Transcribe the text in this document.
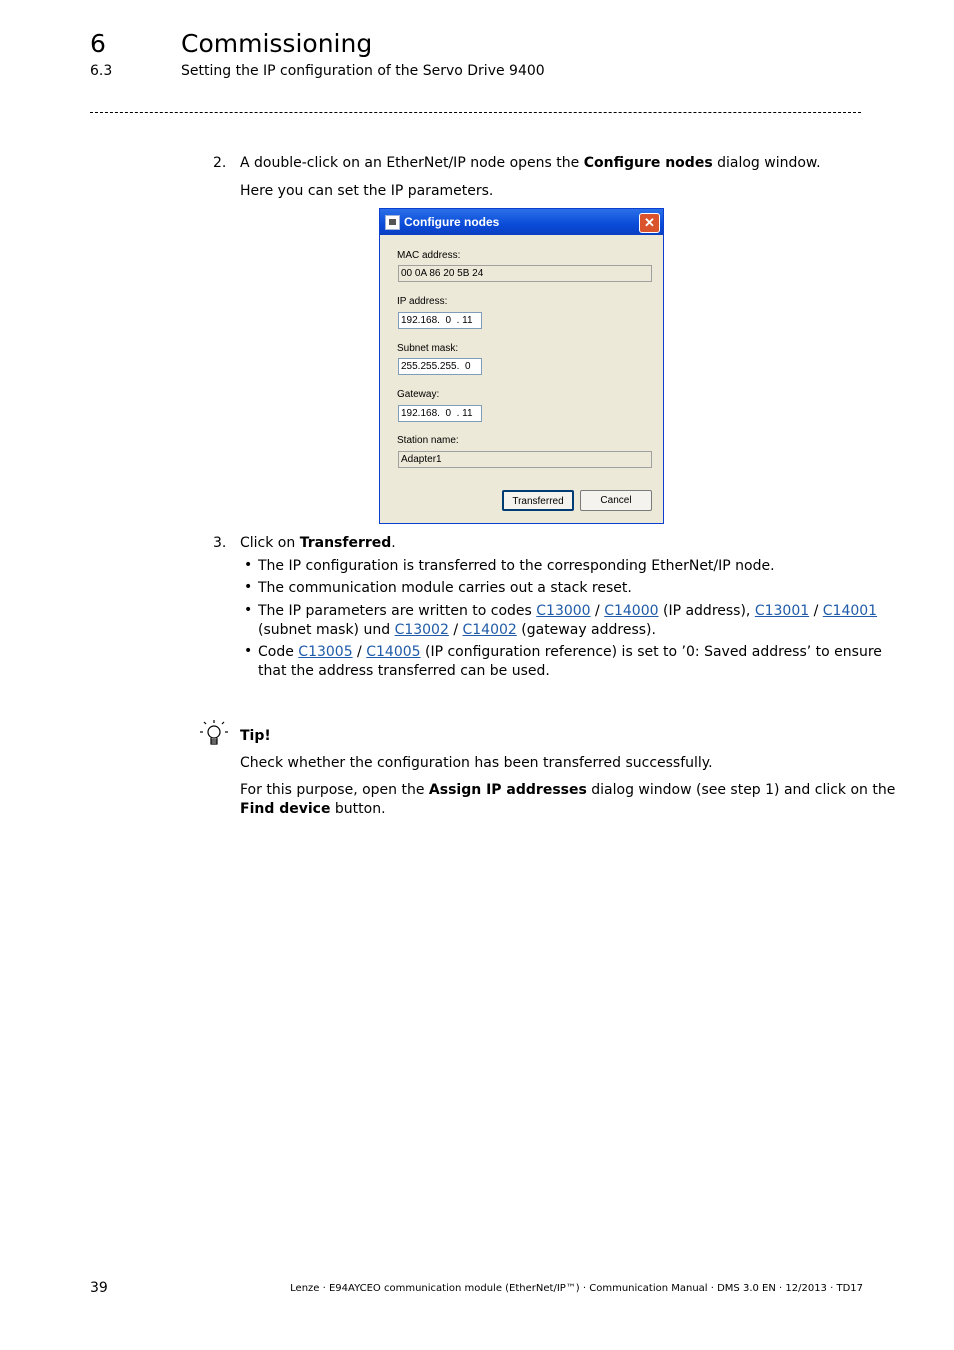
6	Commissioning
6.3	Setting the IP configuration of the Servo Drive 9400
2. A double-click on an EtherNet/IP node opens the Configure nodes dialog window.
Here you can set the IP parameters.
Configure nodes	✕
MAC address:
00 0A 86 20 5B 24
IP address:
192.168.  0  . 11
Subnet mask:
255.255.255.  0
Gateway:
192.168.  0  . 11
Station name:
Adapter1
Transferred	Cancel
3. Click on Transferred.
• The IP configuration is transferred to the corresponding EtherNet/IP node.
• The communication module carries out a stack reset.
• The IP parameters are written to codes C13000 / C14000 (IP address), C13001 / C14001
(subnet mask) und C13002 / C14002 (gateway address).
• Code C13005 / C14005 (IP configuration reference) is set to ’0: Saved address’ to ensure
that the address transferred can be used.
Tip!
Check whether the configuration has been transferred successfully.
For this purpose, open the Assign IP addresses dialog window (see step 1) and click on the
Find device button.
39	Lenze · E94AYCEO communication module (EtherNet/IP™) · Communication Manual · DMS 3.0 EN · 12/2013 · TD17
